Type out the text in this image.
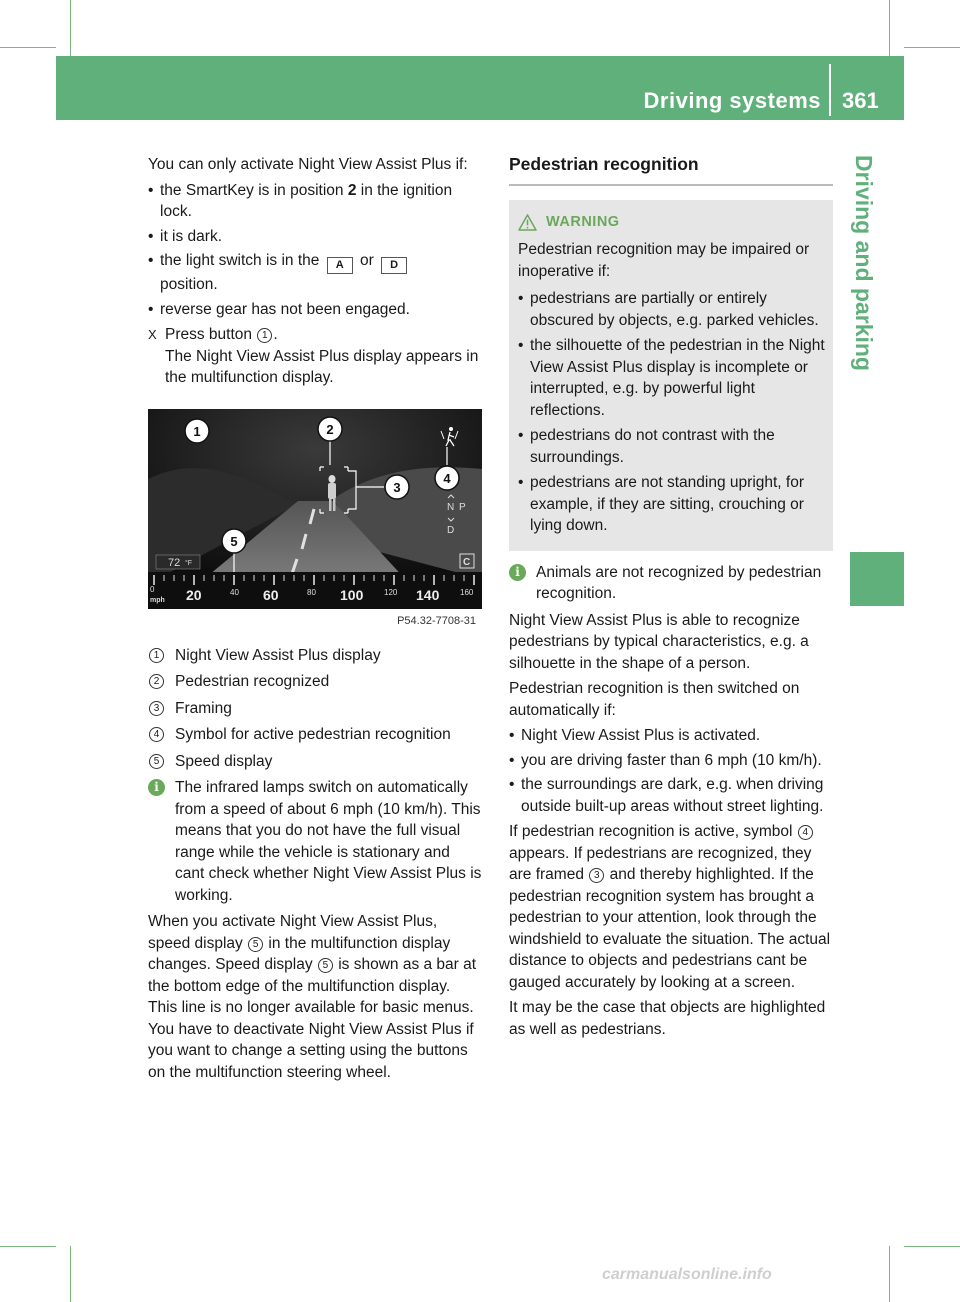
Driving systems 361
Driving and parking

You can only activate Night View Assist Plus if:

• the SmartKey is in position 2 in the ignition lock.
• it is dark.
• the light switch is in the A or D
position.
• reverse gear has not been engaged.
X Press button 1 .
The Night View Assist Plus display appears in the multifunction display.
N P
D
72 °F	C
0
mph 20	40 60	80 100	120 140	160
1	2
3
4
5
P54.32-7708-31
1	Night View Assist Plus display
2	Pedestrian recognized
3	Framing
4	Symbol for active pedestrian recognition
5	Speed display
i	The infrared lamps switch on automatically from a speed of about 6 mph (10 km/h). This means that you do not have the full visual range while the vehicle is stationary and cant check whether Night View Assist Plus is working.

When you activate Night View Assist Plus, speed display 5 in the multifunction display changes. Speed display 5 is shown as a bar at the bottom edge of the multifunction display. This line is no longer available for basic menus. You have to deactivate Night View Assist Plus if you want to change a setting using the buttons on the multifunction steering wheel.

Pedestrian recognition
WARNING

Pedestrian recognition may be impaired or inoperative if:

• pedestrians are partially or entirely obscured by objects, e.g. parked vehicles.
• the silhouette of the pedestrian in the Night View Assist Plus display is incomplete or interrupted, e.g. by powerful light reflections.
• pedestrians do not contrast with the surroundings.
• pedestrians are not standing upright, for example, if they are sitting, crouching or lying down.
i	Animals are not recognized by pedestrian recognition.

Night View Assist Plus is able to recognize pedestrians by typical characteristics, e.g. a silhouette in the shape of a person.

Pedestrian recognition is then switched on automatically if:

• Night View Assist Plus is activated.
• you are driving faster than 6 mph (10 km/h).
• the surroundings are dark, e.g. when driving outside built-up areas without street lighting.

If pedestrian recognition is active, symbol 4 appears. If pedestrians are recognized, they are framed 3 and thereby highlighted. If the pedestrian recognition system has brought a pedestrian to your attention, look through the windshield to evaluate the situation. The actual distance to objects and pedestrians cant be gauged accurately by looking at a screen.

It may be the case that objects are highlighted as well as pedestrians.

carmanualsonline.info
